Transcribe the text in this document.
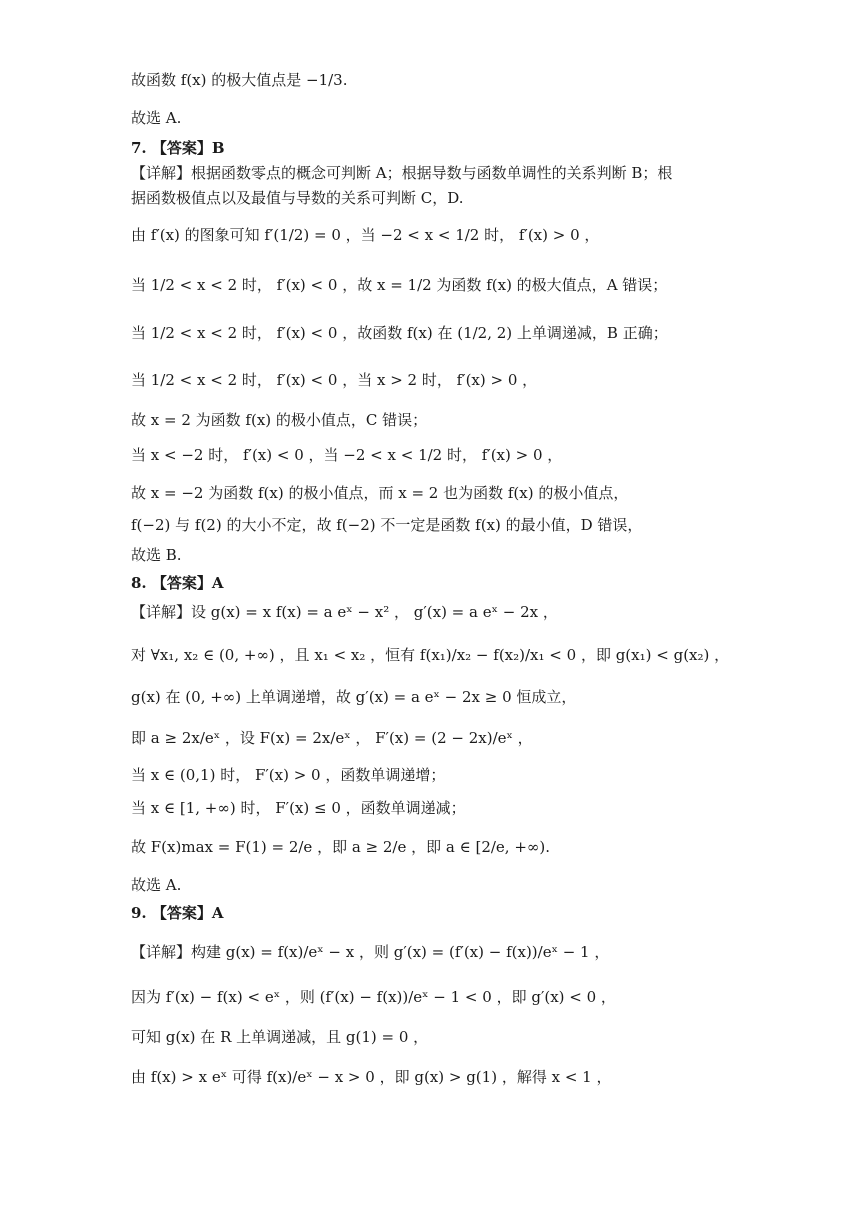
故函数 f(x) 的极大值点是 −1/3.
故选 A.
7. 【答案】B
【详解】根据函数零点的概念可判断 A；根据导数与函数单调性的关系判断 B；根
据函数极值点以及最值与导数的关系可判断 C，D.
由 f′(x) 的图象可知 f′(1/2) = 0 ，当 −2 < x < 1/2 时， f′(x) > 0 ，
当 1/2 < x < 2 时， f′(x) < 0 ，故 x = 1/2 为函数 f(x) 的极大值点，A 错误；
当 1/2 < x < 2 时， f′(x) < 0 ，故函数 f(x) 在 (1/2, 2) 上单调递减，B 正确；
当 1/2 < x < 2 时， f′(x) < 0 ，当 x > 2 时， f′(x) > 0 ，
故 x = 2 为函数 f(x) 的极小值点，C 错误；
当 x < −2 时， f′(x) < 0 ，当 −2 < x < 1/2 时， f′(x) > 0 ，
故 x = −2 为函数 f(x) 的极小值点，而 x = 2 也为函数 f(x) 的极小值点，
f(−2) 与 f(2) 的大小不定，故 f(−2) 不一定是函数 f(x) 的最小值，D 错误，
故选 B.
8. 【答案】A
【详解】设 g(x) = x f(x) = a eˣ − x² ， g′(x) = a eˣ − 2x ，
对 ∀x₁, x₂ ∈ (0, +∞) ，且 x₁ < x₂ ，恒有 f(x₁)/x₂ − f(x₂)/x₁ < 0 ，即 g(x₁) < g(x₂) ，
g(x) 在 (0, +∞) 上单调递增，故 g′(x) = a eˣ − 2x ≥ 0 恒成立，
即 a ≥ 2x/eˣ ，设 F(x) = 2x/eˣ ， F′(x) = (2 − 2x)/eˣ ，
当 x ∈ (0,1) 时， F′(x) > 0 ，函数单调递增；
当 x ∈ [1, +∞) 时， F′(x) ≤ 0 ，函数单调递减；
故 F(x)max = F(1) = 2/e ，即 a ≥ 2/e ，即 a ∈ [2/e, +∞).
故选 A.
9. 【答案】A
【详解】构建 g(x) = f(x)/eˣ − x ，则 g′(x) = (f′(x) − f(x))/eˣ − 1 ，
因为 f′(x) − f(x) < eˣ ，则 (f′(x) − f(x))/eˣ − 1 < 0 ，即 g′(x) < 0 ，
可知 g(x) 在 R 上单调递减，且 g(1) = 0 ，
由 f(x) > x eˣ 可得 f(x)/eˣ − x > 0 ，即 g(x) > g(1) ，解得 x < 1 ，
